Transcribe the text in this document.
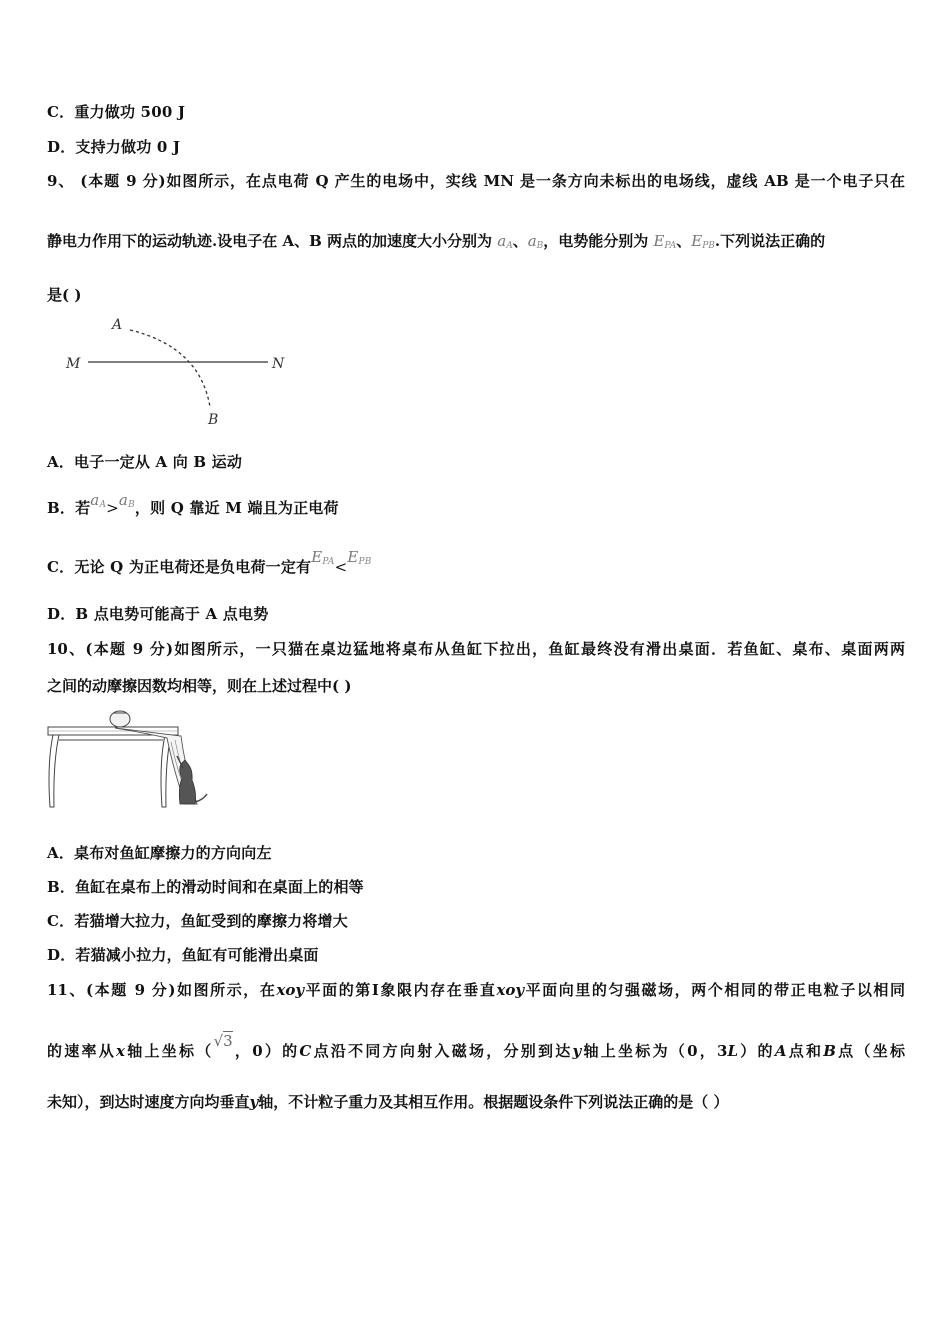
C．重力做功 500 J
D．支持力做功 0 J
9、 (本题 9 分)如图所示，在点电荷 Q 产生的电场中，实线 MN 是一条方向未标出的电场线，虚线 AB 是一个电子只在
静电力作用下的运动轨迹.设电子在 A、B 两点的加速度大小分别为 aA、aB，电势能分别为 EPA、EPB.下列说法正确的
是( )
A
B
M	N
A．电子一定从 A 向 B 运动
B．若aA>aB，则 Q 靠近 M 端且为正电荷
C．无论 Q 为正电荷还是负电荷一定有EPA<EPB
D．B 点电势可能高于 A 点电势
10、(本题 9 分)如图所示，一只猫在桌边猛地将桌布从鱼缸下拉出，鱼缸最终没有滑出桌面．若鱼缸、桌布、桌面两两
之间的动摩擦因数均相等，则在上述过程中( )
A．桌布对鱼缸摩擦力的方向向左
B．鱼缸在桌布上的滑动时间和在桌面上的相等
C．若猫增大拉力，鱼缸受到的摩擦力将增大
D．若猫减小拉力，鱼缸有可能滑出桌面
11、(本题 9 分)如图所示，在xoy平面的第Ⅰ象限内存在垂直xoy平面向里的匀强磁场，两个相同的带正电粒子以相同
的速率从x轴上坐标（√3，0）的C点沿不同方向射入磁场，分别到达y轴上坐标为（0，3L）的A点和B点（坐标
未知），到达时速度方向均垂直y轴，不计粒子重力及其相互作用。根据题设条件下列说法正确的是（ ）
